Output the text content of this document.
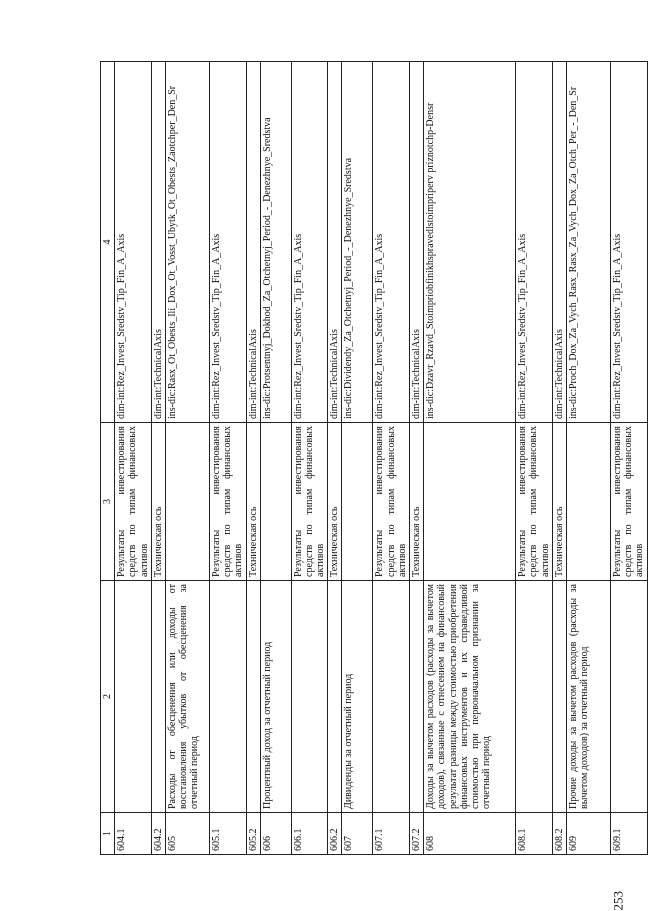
1	2	3	4
604.1		Результаты инвестирования средств по типам финансовых активов	dim-int:Rez_Invest_Sredstv_Tip_Fin_A_Axis
604.2		Техническая ось	dim-int:TechnicalAxis
605	Расходы от обесценения или доходы от восстановления убытков от обесценения за отчетный период		ins-dic:Rasx_Ot_Obests_Ili_Dox_Ot_Vosst_Ubytk_Ot_Obests_Zaotchper_Den_Sr
605.1		Результаты инвестирования средств по типам финансовых активов	dim-int:Rez_Invest_Sredstv_Tip_Fin_A_Axis
605.2		Техническая ось	dim-int:TechnicalAxis
606	Процентный доход за отчетный период		ins-dic:Protsentnyj_Dokhod_Za_Otchetnyj_Period_-_Denezhnye_Sredstva
606.1		Результаты инвестирования средств по типам финансовых активов	dim-int:Rez_Invest_Sredstv_Tip_Fin_A_Axis
606.2		Техническая ось	dim-int:TechnicalAxis
607	Дивиденды за отчетный период		ins-dic:Dividendy_Za_Otchetnyj_Period_-_Denezhnye_Sredstva
607.1		Результаты инвестирования средств по типам финансовых активов	dim-int:Rez_Invest_Sredstv_Tip_Fin_A_Axis
607.2		Техническая ось	dim-int:TechnicalAxis
608	Доходы за вычетом расходов (расходы за вычетом доходов), связанные с отнесением на финансовый результат разницы между стоимостью приобретения финансовых инструментов и их справедливой стоимостью при первоначальном признании за отчетный период		ins-dic:Dzavr_Rzavd_Stoimpriobfinikhspravedlstoimpriperv priznotchp-Densr
608.1		Результаты инвестирования средств по типам финансовых активов	dim-int:Rez_Invest_Sredstv_Tip_Fin_A_Axis
608.2		Техническая ось	dim-int:TechnicalAxis
609	Прочие доходы за вычетом расходов (расходы за вычетом доходов) за отчетный период		ins-dic:Proch_Dox_Za_Vych_Rasx_Rasx_Za_Vych_Dox_Za_Otch_Per_-_Den_Sr
609.1		Результаты инвестирования средств по типам финансовых активов	dim-int:Rez_Invest_Sredstv_Tip_Fin_A_Axis
253
